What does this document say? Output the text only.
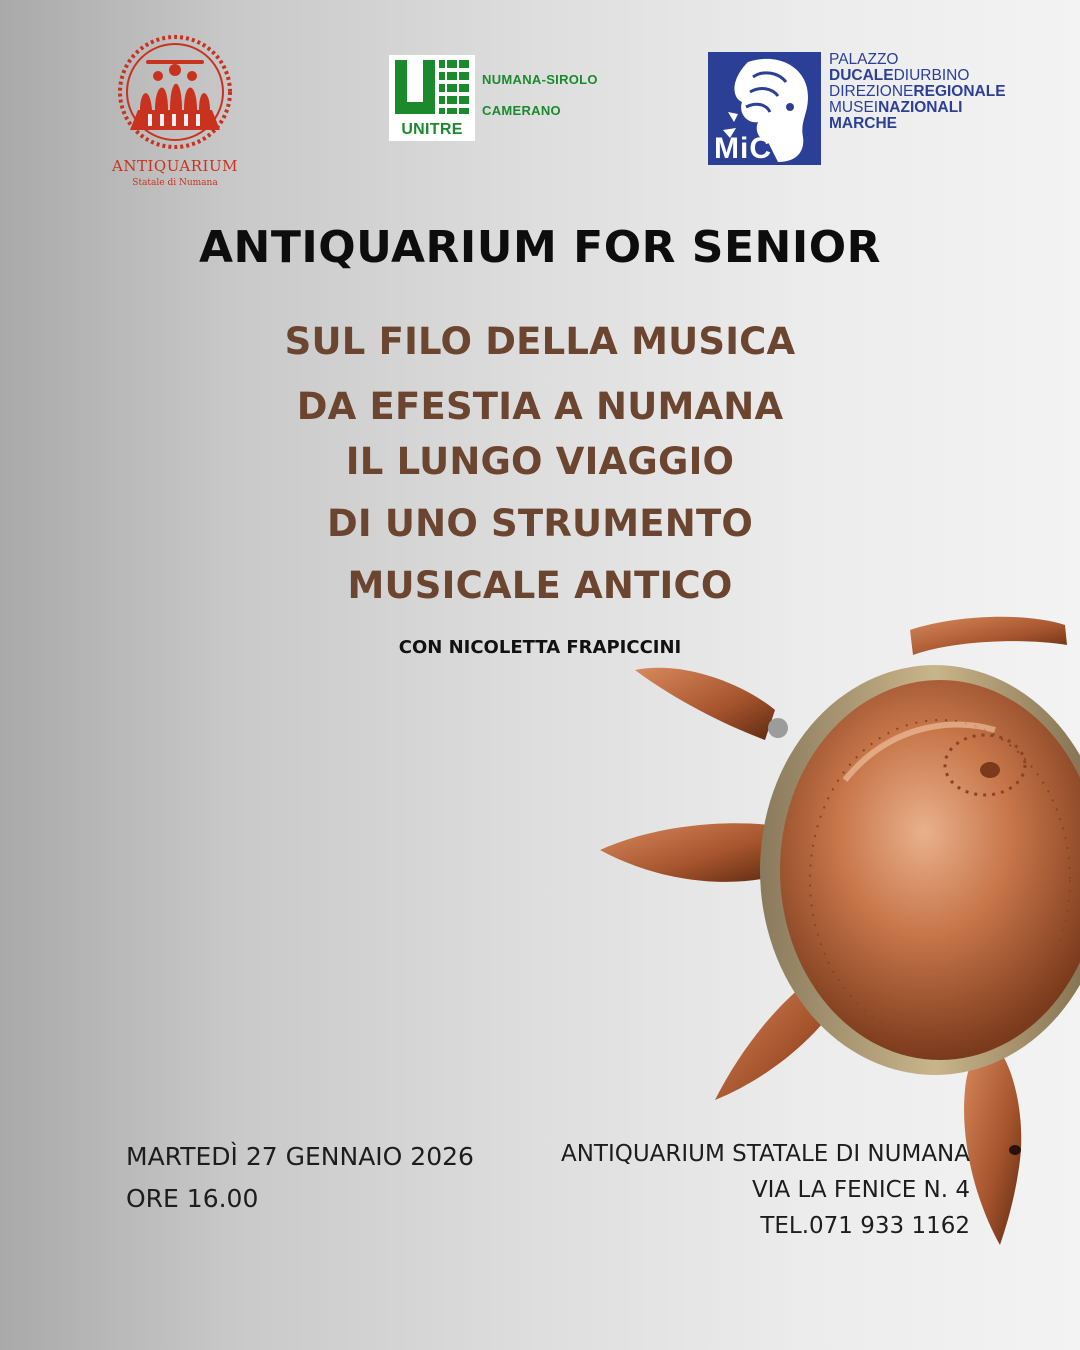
ANTIQUARIUM
Statale di Numana
UNITRE
NUMANA-SIROLO
CAMERANO
MiC
PALAZZO
DUCALEDIURBINO
DIREZIONEREGIONALE
MUSEINAZIONALI
MARCHE
ANTIQUARIUM FOR SENIOR
SUL FILO DELLA MUSICA
DA EFESTIA A NUMANA
IL LUNGO VIAGGIO
DI UNO STRUMENTO
MUSICALE ANTICO
CON NICOLETTA FRAPICCINI
MARTEDÌ 27 GENNAIO 2026
ORE 16.00
ANTIQUARIUM STATALE DI NUMANA
VIA LA FENICE N. 4
TEL.071 933 1162
